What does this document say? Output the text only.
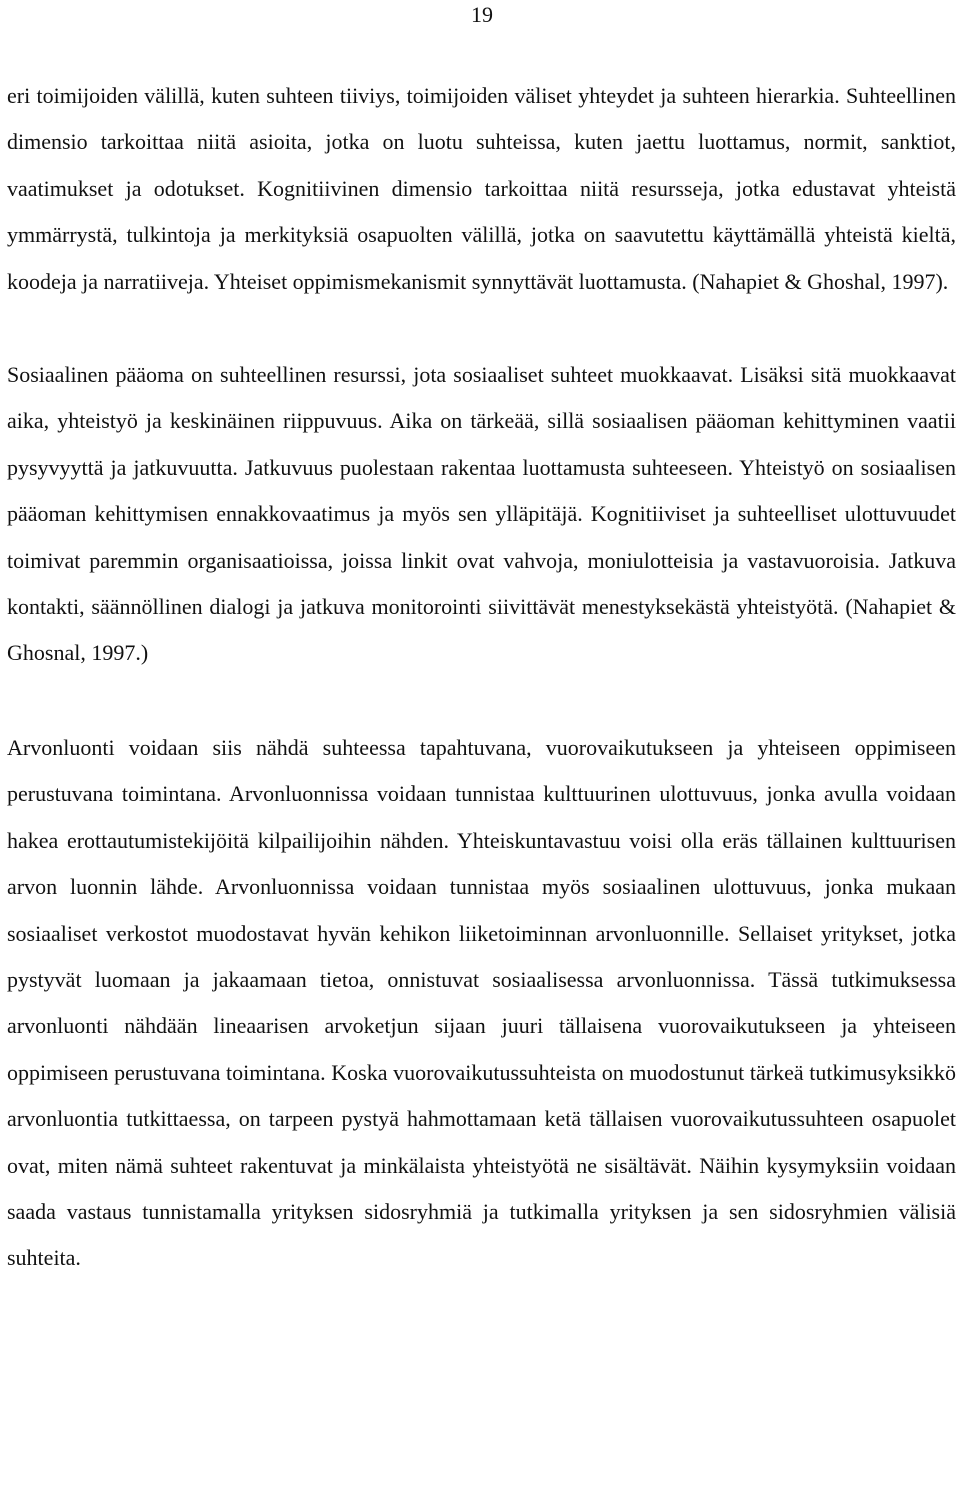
19

eri toimijoiden välillä, kuten suhteen tiiviys, toimijoiden väliset yhteydet ja suhteen hierarkia. Suhteellinen dimensio tarkoittaa niitä asioita, jotka on luotu suhteissa, kuten jaettu luottamus, normit, sanktiot, vaatimukset ja odotukset. Kognitiivinen dimensio tarkoittaa niitä resursseja, jotka edustavat yhteistä ymmärrystä, tulkintoja ja merkityksiä osapuolten välillä, jotka on saavutettu käyttämällä yhteistä kieltä, koodeja ja narratiiveja. Yhteiset oppimismekanismit synnyttävät luottamusta. (Nahapiet & Ghoshal, 1997).

Sosiaalinen pääoma on suhteellinen resurssi, jota sosiaaliset suhteet muokkaavat. Lisäksi sitä muokkaavat aika, yhteistyö ja keskinäinen riippuvuus. Aika on tärkeää, sillä sosiaalisen pääoman kehittyminen vaatii pysyvyyttä ja jatkuvuutta. Jatkuvuus puolestaan rakentaa luottamusta suhteeseen. Yhteistyö on sosiaalisen pääoman kehittymisen ennakkovaatimus ja myös sen ylläpitäjä. Kognitiiviset ja suhteelliset ulottuvuudet toimivat paremmin organisaatioissa, joissa linkit ovat vahvoja, moniulotteisia ja vastavuoroisia. Jatkuva kontakti, säännöllinen dialogi ja jatkuva monitorointi siivittävät menestyksekästä yhteistyötä. (Nahapiet & Ghosnal, 1997.)

Arvonluonti voidaan siis nähdä suhteessa tapahtuvana, vuorovaikutukseen ja yhteiseen oppimiseen perustuvana toimintana. Arvonluonnissa voidaan tunnistaa kulttuurinen ulottuvuus, jonka avulla voidaan hakea erottautumistekijöitä kilpailijoihin nähden. Yhteiskuntavastuu voisi olla eräs tällainen kulttuurisen arvon luonnin lähde. Arvonluonnissa voidaan tunnistaa myös sosiaalinen ulottuvuus, jonka mukaan sosiaaliset verkostot muodostavat hyvän kehikon liiketoiminnan arvonluonnille. Sellaiset yritykset, jotka pystyvät luomaan ja jakaamaan tietoa, onnistuvat sosiaalisessa arvonluonnissa. Tässä tutkimuksessa arvonluonti nähdään lineaarisen arvoketjun sijaan juuri tällaisena vuorovaikutukseen ja yhteiseen oppimiseen perustuvana toimintana. Koska vuorovaikutussuhteista on muodostunut tärkeä tutkimusyksikkö arvonluontia tutkittaessa, on tarpeen pystyä hahmottamaan ketä tällaisen vuorovaikutussuhteen osapuolet ovat, miten nämä suhteet rakentuvat ja minkälaista yhteistyötä ne sisältävät. Näihin kysymyksiin voidaan saada vastaus tunnistamalla yrityksen sidosryhmiä ja tutkimalla yrityksen ja sen sidosryhmien välisiä suhteita.
